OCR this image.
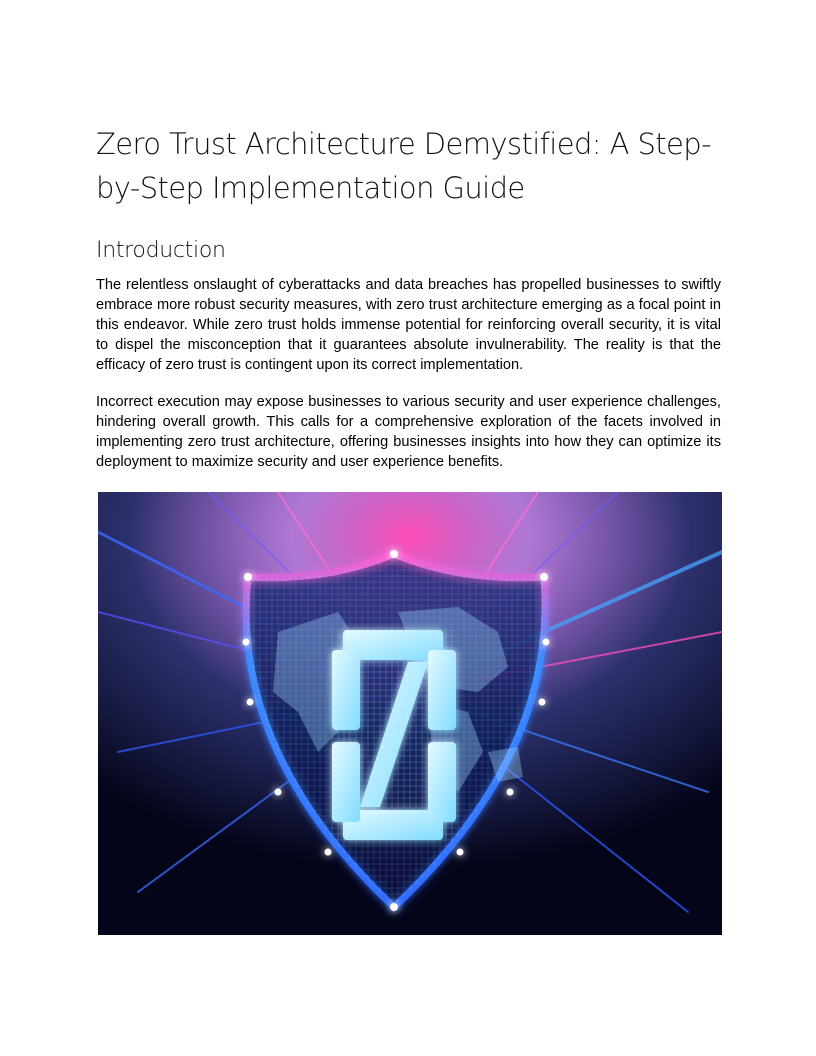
Zero Trust Architecture Demystified: A Step-by-Step Implementation Guide
Introduction

The relentless onslaught of cyberattacks and data breaches has propelled businesses to swiftly embrace more robust security measures, with zero trust architecture emerging as a focal point in this endeavor. While zero trust holds immense potential for reinforcing overall security, it is vital to dispel the misconception that it guarantees absolute invulnerability. The reality is that the efficacy of zero trust is contingent upon its correct implementation.

Incorrect execution may expose businesses to various security and user experience challenges, hindering overall growth. This calls for a comprehensive exploration of the facets involved in implementing zero trust architecture, offering businesses insights into how they can optimize its deployment to maximize security and user experience benefits.
